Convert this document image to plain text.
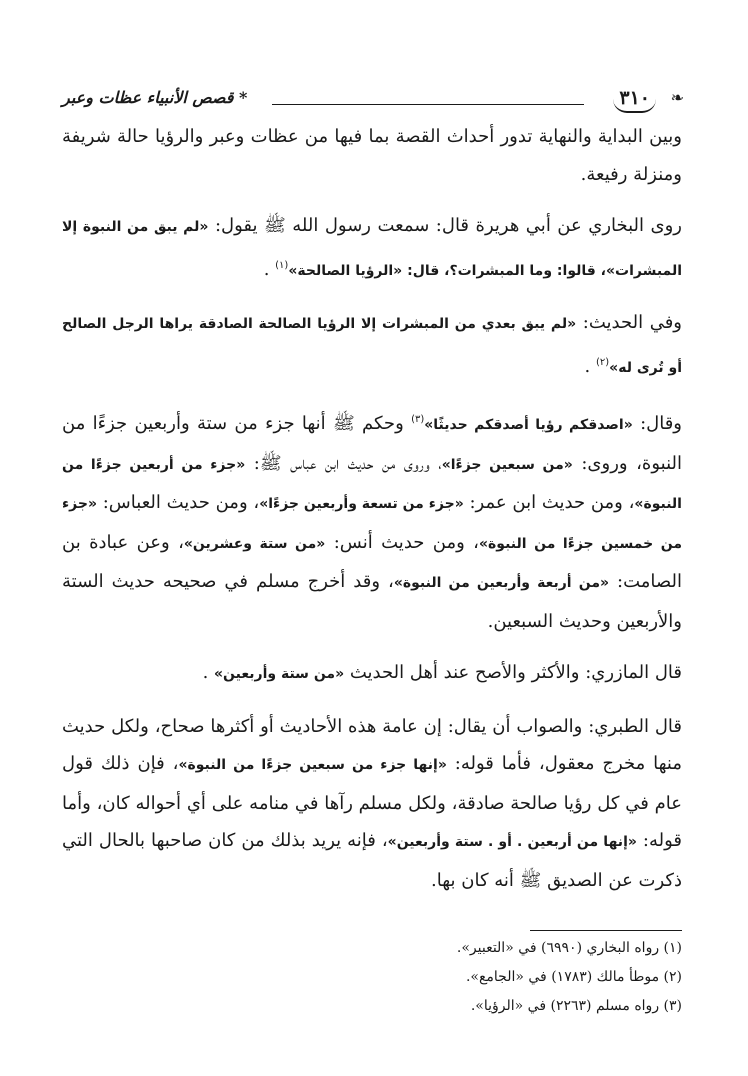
❧
٣١٠
* قصص الأنبياء عظات وعبر

وبين البداية والنهاية تدور أحداث القصة بما فيها من عظات وعبر والرؤيا حالة شريفة ومنزلة رفيعة.

روى البخاري عن أبي هريرة قال: سمعت رسول الله ﷺ يقول: «لم يبق من النبوة إلا المبشرات»، قالوا: وما المبشرات؟، قال: «الرؤيا الصالحة»$^{(١)}$ .

وفي الحديث: «لم يبق بعدي من المبشرات إلا الرؤيا الصالحة الصادقة يراها الرجل الصالح أو تُرى له»$^{(٢)}$ .

وقال: «اصدقكم رؤيا أصدقكم حديثًا»$^{(٣)}$ وحكم ﷺ أنها جزء من ستة وأربعين جزءًا من النبوة، وروى: «من سبعين جزءًا»، وروى من حديث ابن عباس ﷺ: «جزء من أربعين جزءًا من النبوة»، ومن حديث ابن عمر: «جزء من تسعة وأربعين جزءًا»، ومن حديث العباس: «جزء من خمسين جزءًا من النبوة»، ومن حديث أنس: «من ستة وعشرين»، وعن عبادة بن الصامت: «من أربعة وأربعين من النبوة»، وقد أخرج مسلم في صحيحه حديث الستة والأربعين وحديث السبعين.

قال المازري: والأكثر والأصح عند أهل الحديث «من ستة وأربعين» .

قال الطبري: والصواب أن يقال: إن عامة هذه الأحاديث أو أكثرها صحاح، ولكل حديث منها مخرج معقول، فأما قوله: «إنها جزء من سبعين جزءًا من النبوة»، فإن ذلك قول عام في كل رؤيا صالحة صادقة، ولكل مسلم رآها في منامه على أي أحواله كان، وأما قوله: «إنها من أربعين . أو . ستة وأربعين»، فإنه يريد بذلك من كان صاحبها بالحال التي ذكرت عن الصديق ﷺ أنه كان بها.

(١) رواه البخاري (٦٩٩٠) في «التعبير».

(٢) موطأ مالك (١٧٨٣) في «الجامع».

(٣) رواه مسلم (٢٢٦٣) في «الرؤيا».
